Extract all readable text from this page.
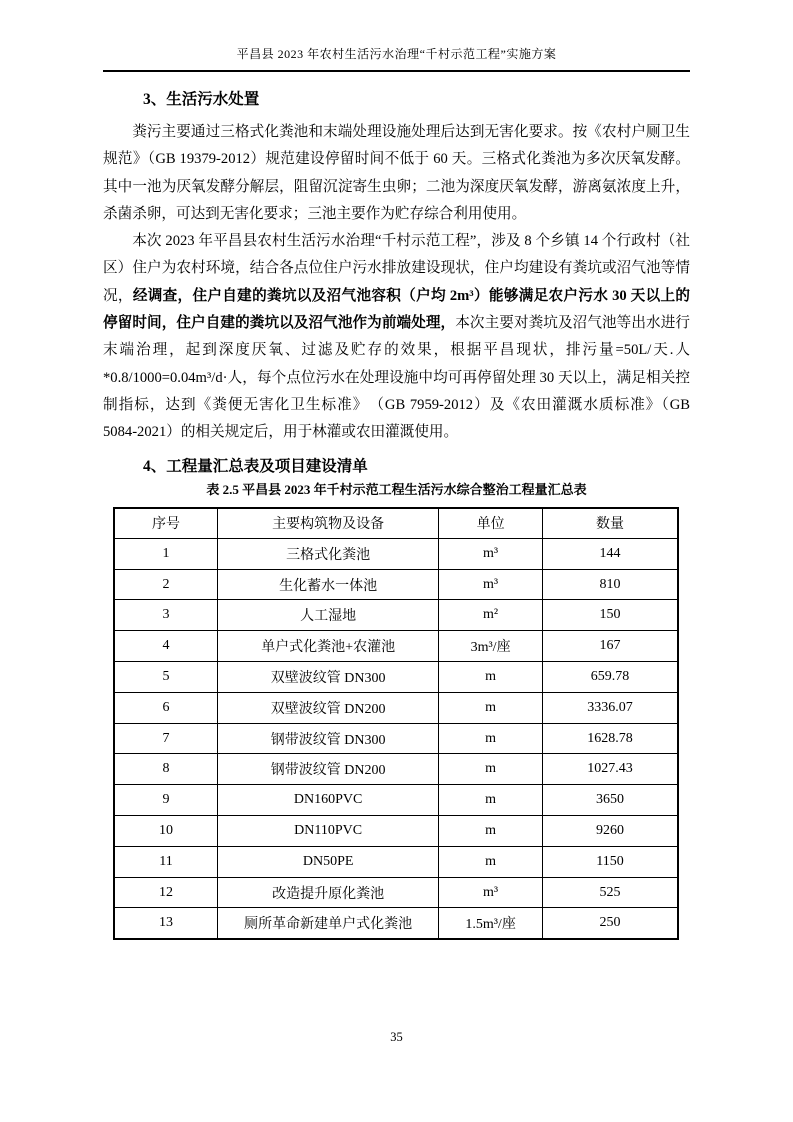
平昌县 2023 年农村生活污水治理“千村示范工程”实施方案
3、生活污水处置

粪污主要通过三格式化粪池和末端处理设施处理后达到无害化要求。按《农村户厕卫生规范》（GB 19379-2012）规范建设停留时间不低于 60 天。三格式化粪池为多次厌氧发酵。其中一池为厌氧发酵分解层，阻留沉淀寄生虫卵；二池为深度厌氧发酵，游离氨浓度上升，杀菌杀卵，可达到无害化要求；三池主要作为贮存综合利用使用。

本次 2023 年平昌县农村生活污水治理“千村示范工程”，涉及 8 个乡镇 14 个行政村（社区）住户为农村环境，结合各点位住户污水排放建设现状，住户均建设有粪坑或沼气池等情况，经调查，住户自建的粪坑以及沼气池容积（户均 2m³）能够满足农户污水 30 天以上的停留时间，住户自建的粪坑以及沼气池作为前端处理，本次主要对粪坑及沼气池等出水进行末端治理，起到深度厌氧、过滤及贮存的效果，根据平昌现状，排污量=50L/天.人*0.8/1000=0.04m³/d·人，每个点位污水在处理设施中均可再停留处理 30 天以上，满足相关控制指标，达到《粪便无害化卫生标准》　（GB 7959-2012）及《农田灌溉水质标准》（GB 5084-2021）的相关规定后，用于林灌或农田灌溉使用。

4、工程量汇总表及项目建设清单
表 2.5 平昌县 2023 年千村示范工程生活污水综合整治工程量汇总表
序号	主要构筑物及设备	单位	数量
1	三格式化粪池	m³	144
2	生化蓄水一体池	m³	810
3	人工湿地	m²	150
4	单户式化粪池+农灌池	3m³/座	167
5	双壁波纹管 DN300	m	659.78
6	双壁波纹管 DN200	m	3336.07
7	钢带波纹管 DN300	m	1628.78
8	钢带波纹管 DN200	m	1027.43
9	DN160PVC	m	3650
10	DN110PVC	m	9260
11	DN50PE	m	1150
12	改造提升原化粪池	m³	525
13	厕所革命新建单户式化粪池	1.5m³/座	250
35
